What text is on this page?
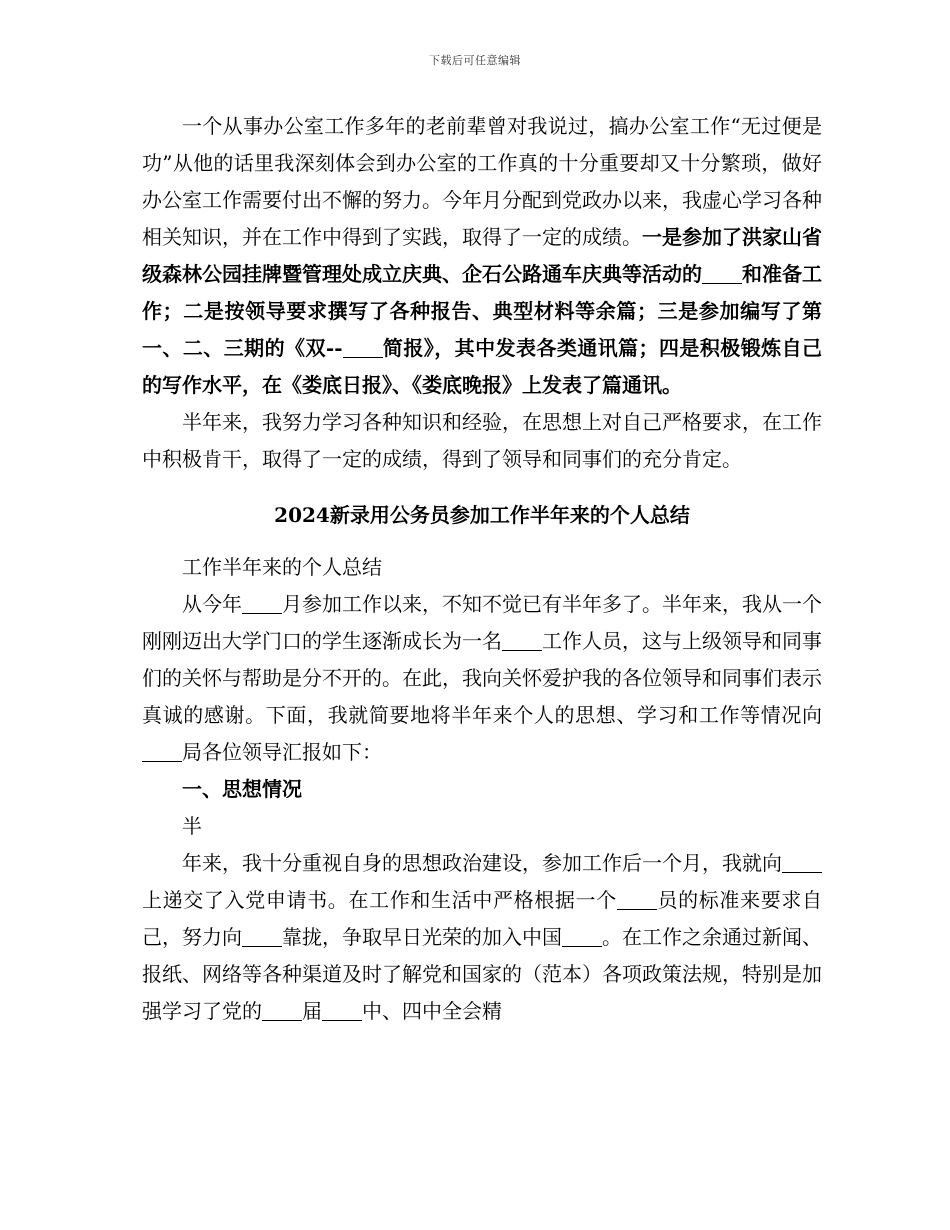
下载后可任意编辑

一个从事办公室工作多年的老前辈曾对我说过，搞办公室工作“无过便是功”从他的话里我深刻体会到办公室的工作真的十分重要却又十分繁琐，做好办公室工作需要付出不懈的努力。今年月分配到党政办以来，我虚心学习各种相关知识，并在工作中得到了实践，取得了一定的成绩。一是参加了洪家山省级森林公园挂牌暨管理处成立庆典、企石公路通车庆典等活动的 和准备工作；二是按领导要求撰写了各种报告、典型材料等余篇；三是参加编写了第一、二、三期的《双-- 简报》，其中发表各类通讯篇；四是积极锻炼自己的写作水平，在《娄底日报》、《娄底晚报》上发表了篇通讯。

半年来，我努力学习各种知识和经验，在思想上对自己严格要求，在工作中积极肯干，取得了一定的成绩，得到了领导和同事们的充分肯定。

2024新录用公务员参加工作半年来的个人总结

工作半年来的个人总结

从今年 月参加工作以来，不知不觉已有半年多了。半年来，我从一个刚刚迈出大学门口的学生逐渐成长为一名 工作人员，这与上级领导和同事们的关怀与帮助是分不开的。在此，我向关怀爱护我的各位领导和同事们表示真诚的感谢。下面，我就简要地将半年来个人的思想、学习和工作等情况向局各位领导汇报如下：

一、思想情况

半

年来，我十分重视自身的思想政治建设，参加工作后一个月，我就向上递交了入党申请书。在工作和生活中严格根据一个 员的标准来要求自己，努力向 靠拢，争取早日光荣的加入中国 。在工作之余通过新闻、报纸、网络等各种渠道及时了解党和国家的（范本）各项政策法规，特别是加强学习了党的 届 中、四中全会精
